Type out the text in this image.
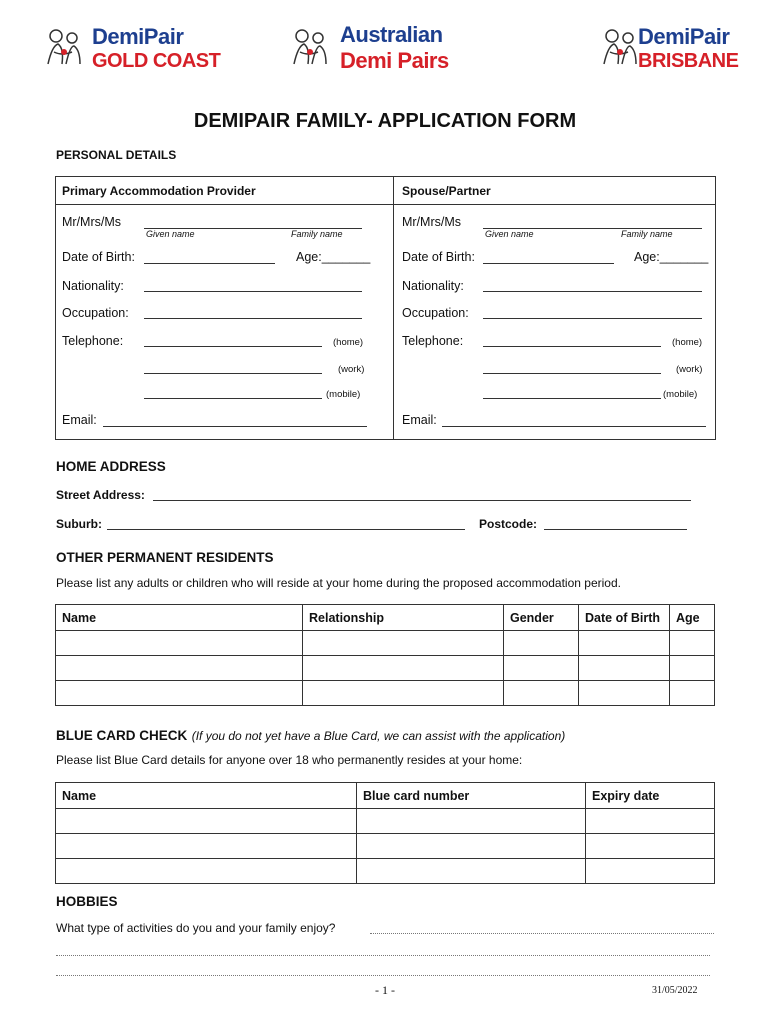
DemiPair
GOLD COAST
Australian
Demi Pairs
DemiPair
BRISBANE
DEMIPAIR FAMILY- APPLICATION FORM
PERSONAL DETAILS
Primary Accommodation Provider
Mr/Mrs/Ms
Given name	Family name
Date of Birth:	Age:_______
Nationality:
Occupation:
Telephone:	(home)
(work)
(mobile)
Email:
Spouse/Partner
Mr/Mrs/Ms
Given name	Family name
Date of Birth:	Age:_______
Nationality:
Occupation:
Telephone:	(home)
(work)
(mobile)
Email:
HOME ADDRESS
Street Address:
Suburb:	Postcode:
OTHER PERMANENT RESIDENTS
Please list any adults or children who will reside at your home during the proposed accommodation period.
Name	Relationship	Gender	Date of Birth	Age

BLUE CARD CHECK (If you do not yet have a Blue Card, we can assist with the application)
Please list Blue Card details for anyone over 18 who permanently resides at your home:
Name	Blue card number	Expiry date

HOBBIES
What type of activities do you and your family enjoy?
- 1 -	31/05/2022
